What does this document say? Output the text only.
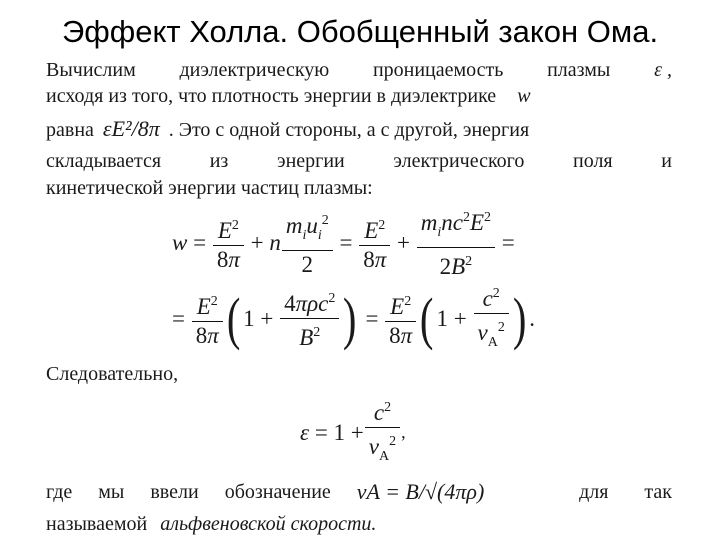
Эффект Холла. Обобщенный закон Ома.
Вычислим диэлектрическую проницаемость плазмы ε ,
исходя из того, что плотность энергии в диэлектрике w
равна εE²/8π . Это с одной стороны, а с другой, энергия
складывается из энергии электрического поля и
кинетической энергии частиц плазмы:
$w = E^2$
8π
+ n
$m_iu_i^2$
2
= $E^2$
8π
+
$m_inc^2E^2$
$2B^2$
=
= $E^2$
8π ( 1 +
4πρc$^2$
$B^2$ ) = $E^2$
8π ( 1 +
$c^2$
$v_A^2$ ) .
Следовательно,
ε = 1 +
$c^2$
$v_A^2$ ,
где мы ввели обозначение vA = B/√(4πρ)	для так
называемой альфвеновской скорости.
